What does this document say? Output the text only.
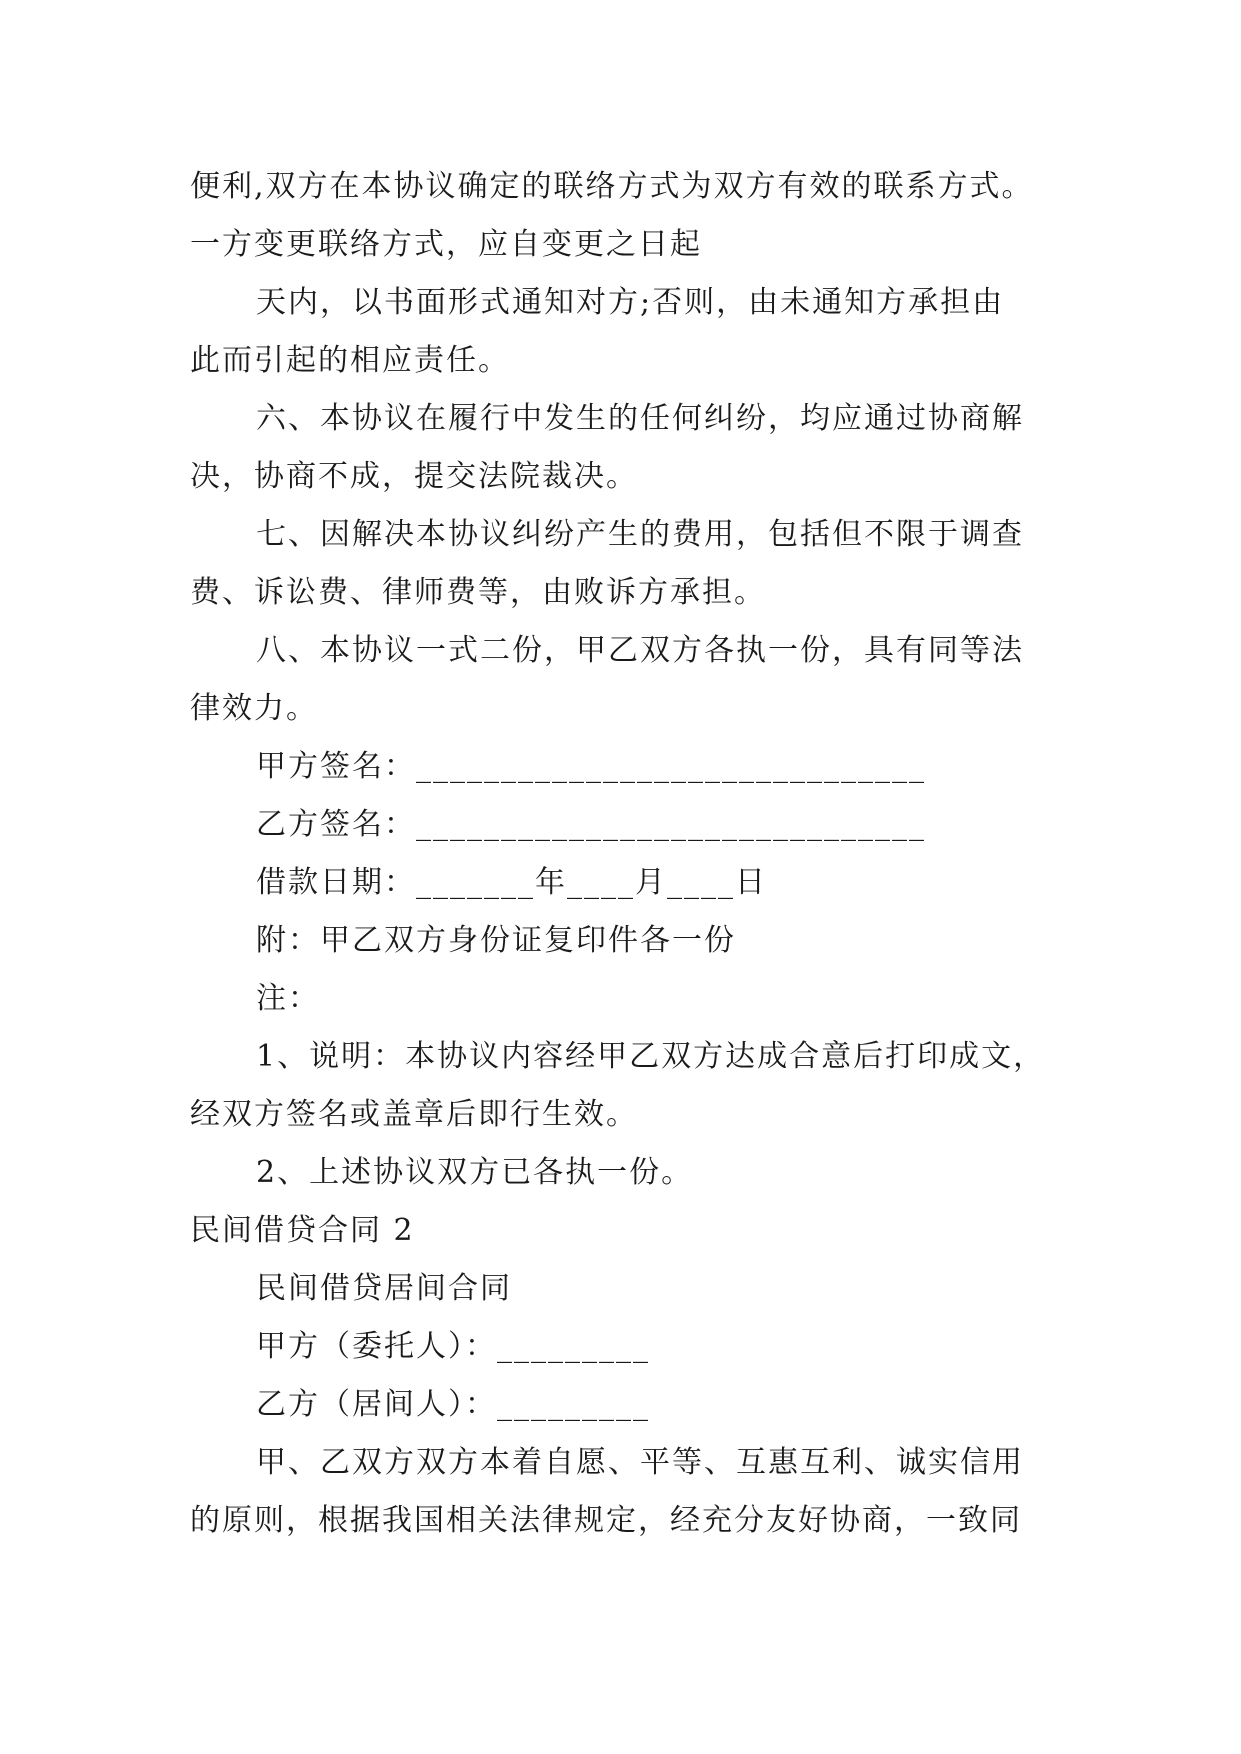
便利,双方在本协议确定的联络方式为双方有效的联系方式。
一方变更联络方式，应自变更之日起
天内，以书面形式通知对方;否则，由未通知方承担由
此而引起的相应责任。
六、本协议在履行中发生的任何纠纷，均应通过协商解
决，协商不成，提交法院裁决。
七、因解决本协议纠纷产生的费用，包括但不限于调查
费、诉讼费、律师费等，由败诉方承担。
八、本协议一式二份，甲乙双方各执一份，具有同等法
律效力。
甲方签名：______________________________
乙方签名：______________________________
借款日期：_______年____月____日
附：甲乙双方身份证复印件各一份
注：
1、说明：本协议内容经甲乙双方达成合意后打印成文，
经双方签名或盖章后即行生效。
2、上述协议双方已各执一份。
民间借贷合同 2
民间借贷居间合同
甲方（委托人）：_________
乙方（居间人）：_________
甲、乙双方双方本着自愿、平等、互惠互利、诚实信用
的原则，根据我国相关法律规定，经充分友好协商，一致同
